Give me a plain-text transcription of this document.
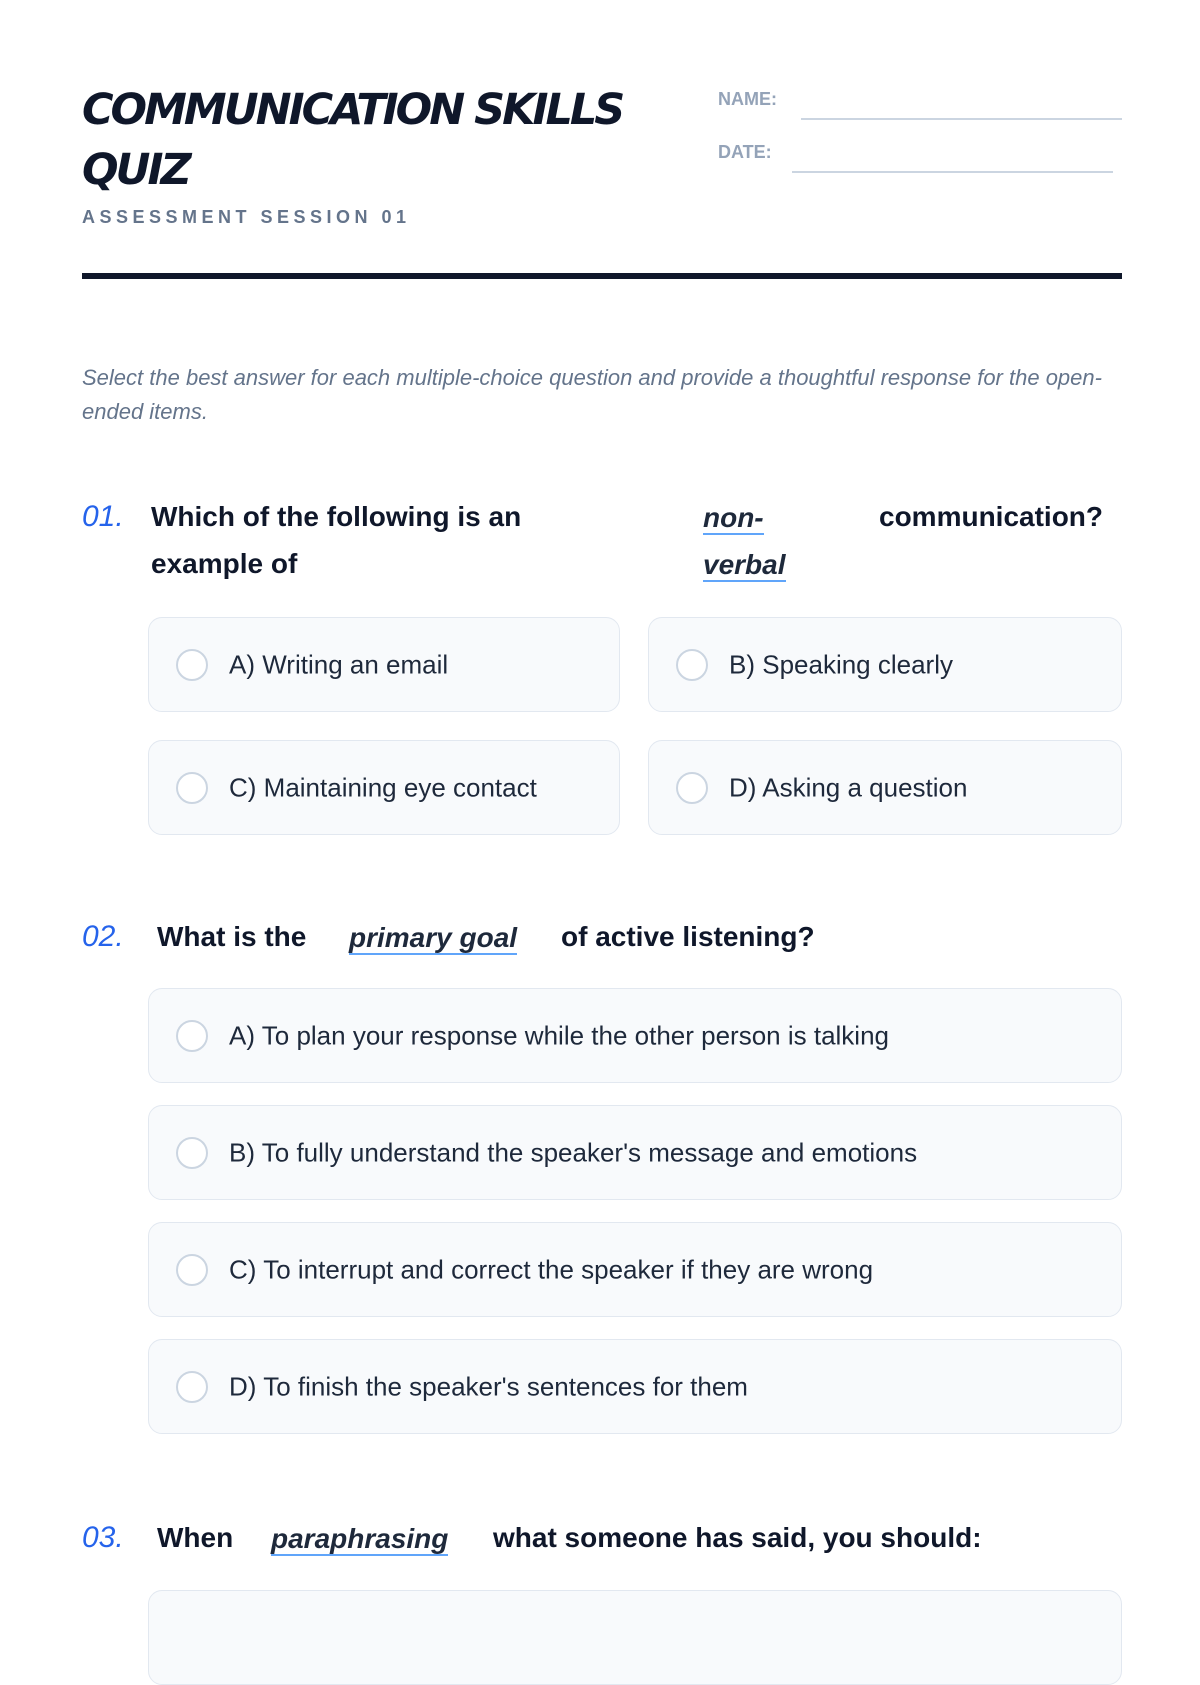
COMMUNICATION SKILLS
QUIZ
ASSESSMENT SESSION 01
NAME:
DATE:
Select the best answer for each multiple-choice question and provide a thoughtful response for the open-ended items.
01. Which of the following is an
example of
non-
verbal
communication?
A) Writing an email	B) Speaking clearly
C) Maintaining eye contact	D) Asking a question
02. What is the primary goal of active listening?
A) To plan your response while the other person is talking
B) To fully understand the speaker's message and emotions
C) To interrupt and correct the speaker if they are wrong
D) To finish the speaker's sentences for them
03. When paraphrasing what someone has said, you should:
